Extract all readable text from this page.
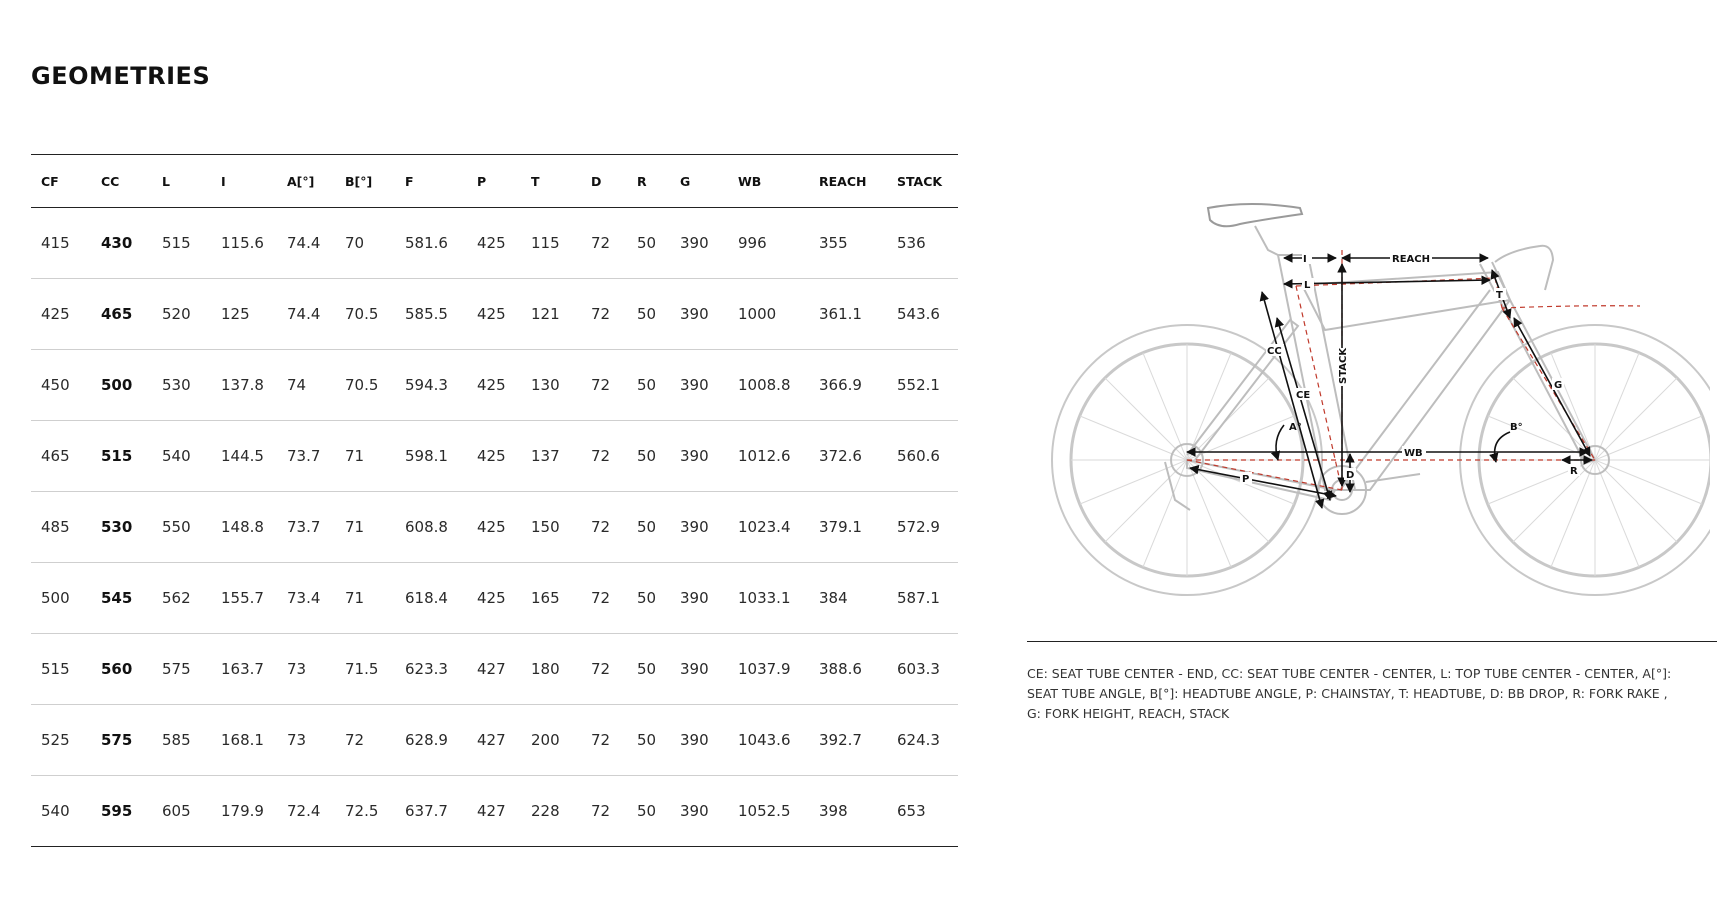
GEOMETRIES
CF	CC	L	I	A[°]	B[°]	F	P	T	D	R	G	WB	REACH	STACK
415	430	515	115.6	74.4	70	581.6	425	115	72	50	390	996	355	536
425	465	520	125	74.4	70.5	585.5	425	121	72	50	390	1000	361.1	543.6
450	500	530	137.8	74	70.5	594.3	425	130	72	50	390	1008.8	366.9	552.1
465	515	540	144.5	73.7	71	598.1	425	137	72	50	390	1012.6	372.6	560.6
485	530	550	148.8	73.7	71	608.8	425	150	72	50	390	1023.4	379.1	572.9
500	545	562	155.7	73.4	71	618.4	425	165	72	50	390	1033.1	384	587.1
515	560	575	163.7	73	71.5	623.3	427	180	72	50	390	1037.9	388.6	603.3
525	575	585	168.1	73	72	628.9	427	200	72	50	390	1043.6	392.7	624.3
540	595	605	179.9	72.4	72.5	637.7	427	228	72	50	390	1052.5	398	653
I	REACH
L
T
CC
CE
STACK
G
A°	B°
WB
D
P
R

CE: SEAT TUBE CENTER - END, CC: SEAT TUBE CENTER - CENTER, L: TOP TUBE CENTER - CENTER, A[°]: SEAT TUBE ANGLE, B[°]: HEADTUBE ANGLE, P: CHAINSTAY, T: HEADTUBE, D: BB DROP, R: FORK RAKE , G: FORK HEIGHT, REACH, STACK
